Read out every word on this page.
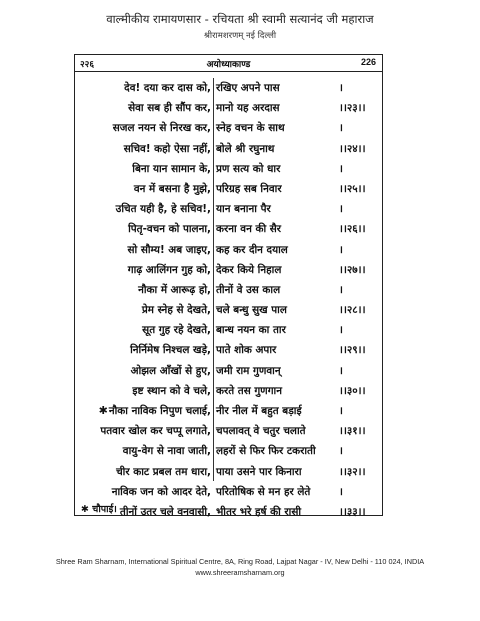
वाल्मीकीय रामायणसार - रचियता श्री स्वामी सत्यानंद जी महाराज
श्रीरामशरणम् नई दिल्ली
२२६	अयोध्याकाण्ड	226
देव! दया कर दास को, रखिए अपने पास	।
सेवा सब ही सौंप कर, मानो यह अरदास	।।२३।।
सजल नयन से निरख कर, स्नेह वचन के साथ	।
सचिव! कहो ऐसा नहीं, बोले श्री रघुनाथ	।।२४।।
बिना यान सामान के, प्रण सत्य को धार	।
वन में बसना है मुझे, परिग्रह सब निवार	।।२५।।
उचित यही है, हे सचिव!, यान बनाना पैर	।
पितृ-वचन को पालना, करना वन की सैर	।।२६।।
सो सौम्य! अब जाइए, कह कर दीन दयाल	।
गाढ़ आलिंगन गुह को, देकर किये निहाल	।।२७।।
नौका में आरूढ़ हो, तीनों वे उस काल	।
प्रेम स्नेह से देखते, चले बन्धु सुख पाल	।।२८।।
सूत गुह रहे देखते, बान्ध नयन का तार	।
निर्निमेष निश्चल खड़े, पाते शोक अपार	।।२९।।
ओझल आँखों से हुए, जमी राम गुणवान्	।
इष्ट स्थान को वे चले, करते तस गुणगान	।।३०।।
✱नौका नाविक निपुण चलाई, नीर नील में बहुत बड़ाई	।
पतवार खोल कर चप्पू लगाते, चपलावत् वे चतुर चलाते	।।३१।।
वायु-वेग से नावा जाती, लहरों से फिर फिर टकराती ।
चीर काट प्रबल तम धारा, पाया उसने पार किनारा	।।३२।।
नाविक जन को आदर देते, परितोषिक से मन हर लेते	।
तीनों उतर चले वनवासी, भीतर भरे हर्ष की रासी	।।३३।।
✱ चौपाई।
Shree Ram Sharnam, International Spiritual Centre, 8A, Ring Road, Lajpat Nagar - IV, New Delhi - 110 024, INDIA
www.shreeramsharnam.org
